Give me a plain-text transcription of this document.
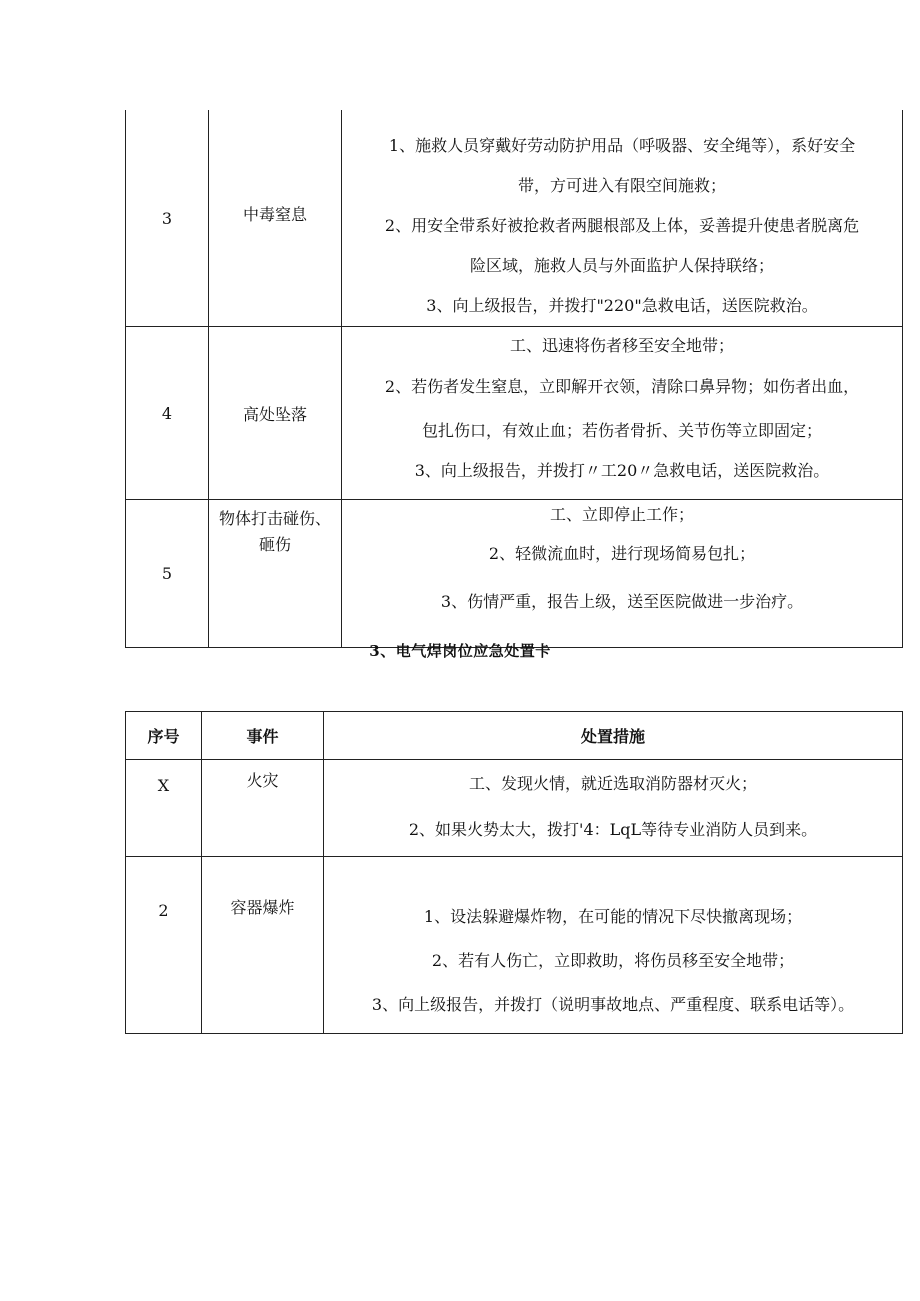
3	中毒窒息	1、施救人员穿戴好劳动防护用品（呼吸器、安全绳等），系好安全
带，方可进入有限空间施救；
2、用安全带系好被抢救者两腿根部及上体，妥善提升使患者脱离危
险区域，施救人员与外面监护人保持联络；
3、向上级报告，并拨打"220"急救电话，送医院救治。

4	高处坠落	工、迅速将伤者移至安全地带；
2、若伤者发生窒息，立即解开衣领，清除口鼻异物；如伤者出血，
包扎伤口，有效止血；若伤者骨折、关节伤等立即固定；
3、向上级报告，并拨打〃工20〃急救电话，送医院救治。

5	物体打击碰伤、
砸伤	工、立即停止工作；
2、轻微流血时，进行现场简易包扎；
3、伤情严重，报告上级，送至医院做进一步治疗。
3、电气焊岗位应急处置卡
序号	事件	处置措施
X	火灾	工、发现火情，就近选取消防器材灭火；
2、如果火势太大，拨打'4：LqL等待专业消防人员到来。

2	容器爆炸	1、设法躲避爆炸物，在可能的情况下尽快撤离现场；
2、若有人伤亡，立即救助，将伤员移至安全地带；
3、向上级报告，并拨打（说明事故地点、严重程度、联系电话等）。
